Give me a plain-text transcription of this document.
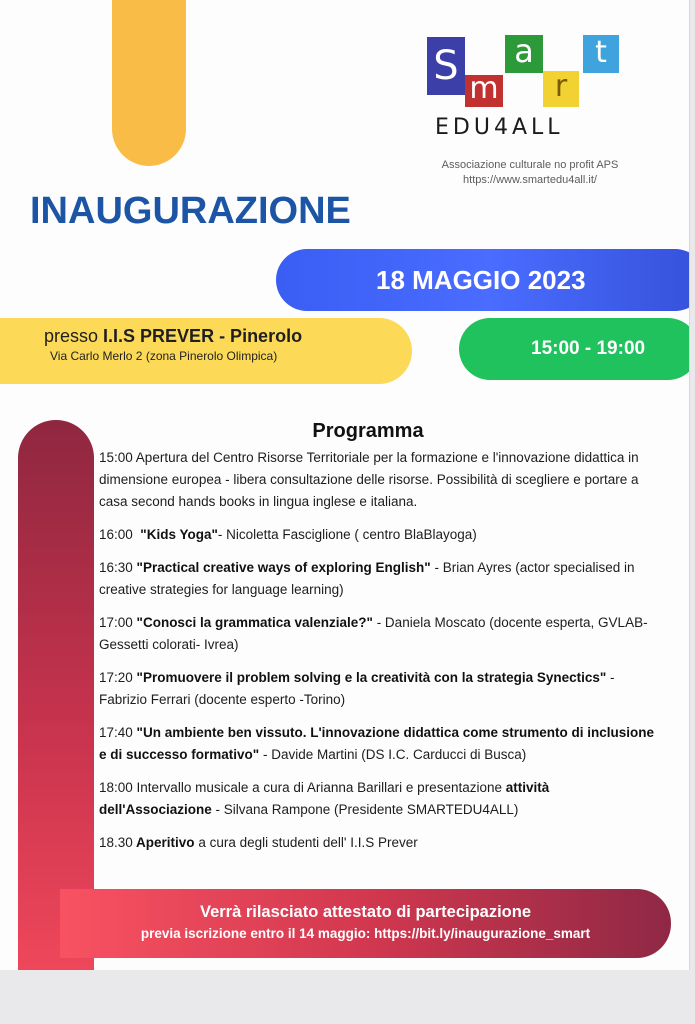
S m
a
r
t
EDU4ALL
Associazione culturale no profit APS
https://www.smartedu4all.it/
INAUGURAZIONE
18 MAGGIO 2023
presso I.I.S PREVER - Pinerolo
Via Carlo Merlo 2 (zona Pinerolo Olimpica)	15:00 - 19:00
Programma
15:00 Apertura del Centro Risorse Territoriale per la formazione e l'innovazione didattica in dimensione europea - libera consultazione delle risorse. Possibilità di scegliere e portare a casa second hands books in lingua inglese e italiana.
16:00  "Kids Yoga"- Nicoletta Fasciglione ( centro BlaBlayoga)
16:30 "Practical creative ways of exploring English" - Brian Ayres (actor specialised in creative strategies for language learning)
17:00 "Conosci la grammatica valenziale?" - Daniela Moscato (docente esperta, GVLAB- Gessetti colorati- Ivrea)
17:20 "Promuovere il problem solving e la creatività con la strategia Synectics" - Fabrizio Ferrari (docente esperto -Torino)
17:40 "Un ambiente ben vissuto. L'innovazione didattica come strumento di inclusione e di successo formativo" - Davide Martini (DS I.C. Carducci di Busca)
18:00 Intervallo musicale a cura di Arianna Barillari e presentazione attività dell'Associazione - Silvana Rampone (Presidente SMARTEDU4ALL)
18.30 Aperitivo a cura degli studenti dell' I.I.S Prever
Verrà rilasciato attestato di partecipazione
previa iscrizione entro il 14 maggio: https://bit.ly/inaugurazione_smart
